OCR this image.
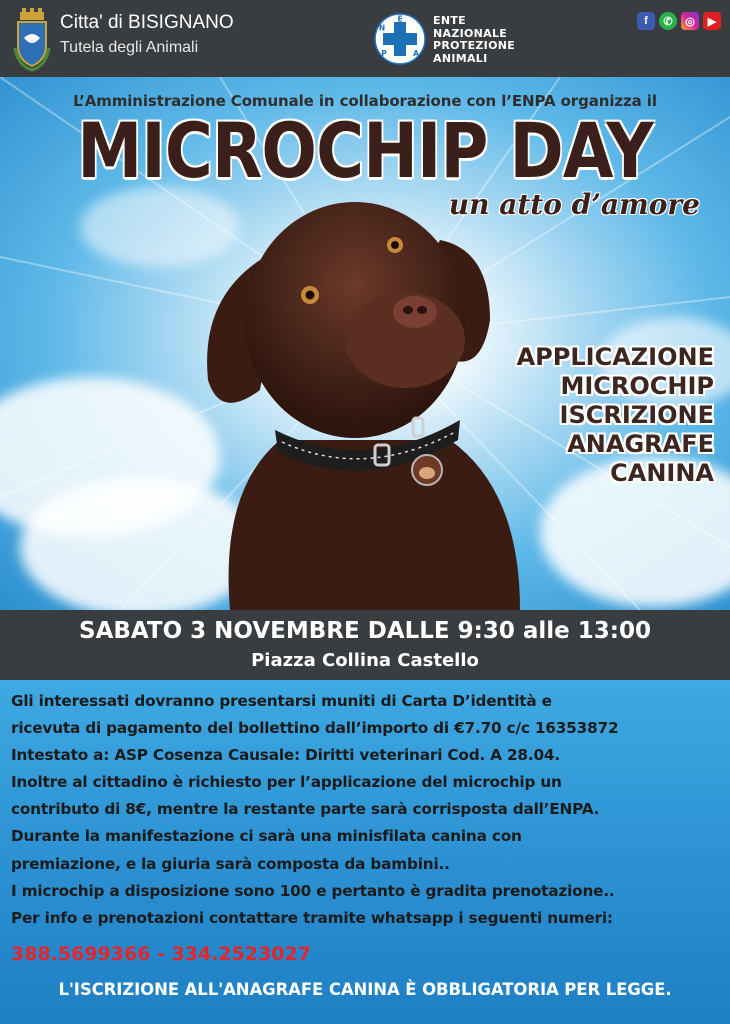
Citta' di BISIGNANO
Tutela degli Animali
E
N
P	A
ENTE
NAZIONALE
PROTEZIONE
ANIMALI
f	✆	◎	▶
L’Amministrazione Comunale in collaborazione con l’ENPA organizza il
MICROCHIP DAY
un atto d’amore
APPLICAZIONE
MICROCHIP
ISCRIZIONE
ANAGRAFE
CANINA
SABATO 3 NOVEMBRE DALLE 9:30 alle 13:00
Piazza Collina Castello
Gli interessati dovranno presentarsi muniti di Carta D’identità e
ricevuta di pagamento del bollettino dall’importo di €7.70 c/c 16353872
Intestato a: ASP Cosenza Causale: Diritti veterinari Cod. A 28.04.
Inoltre al cittadino è richiesto per l’applicazione del microchip un
contributo di 8€, mentre la restante parte sarà corrisposta dall’ENPA.
Durante la manifestazione ci sarà una minisfilata canina con
premiazione, e la giuria sarà composta da bambini..
I microchip a disposizione sono 100 e pertanto è gradita prenotazione..
Per info e prenotazioni contattare tramite whatsapp i seguenti numeri:
388.5699366 - 334.2523027
L'ISCRIZIONE ALL'ANAGRAFE CANINA È OBBLIGATORIA PER LEGGE.
